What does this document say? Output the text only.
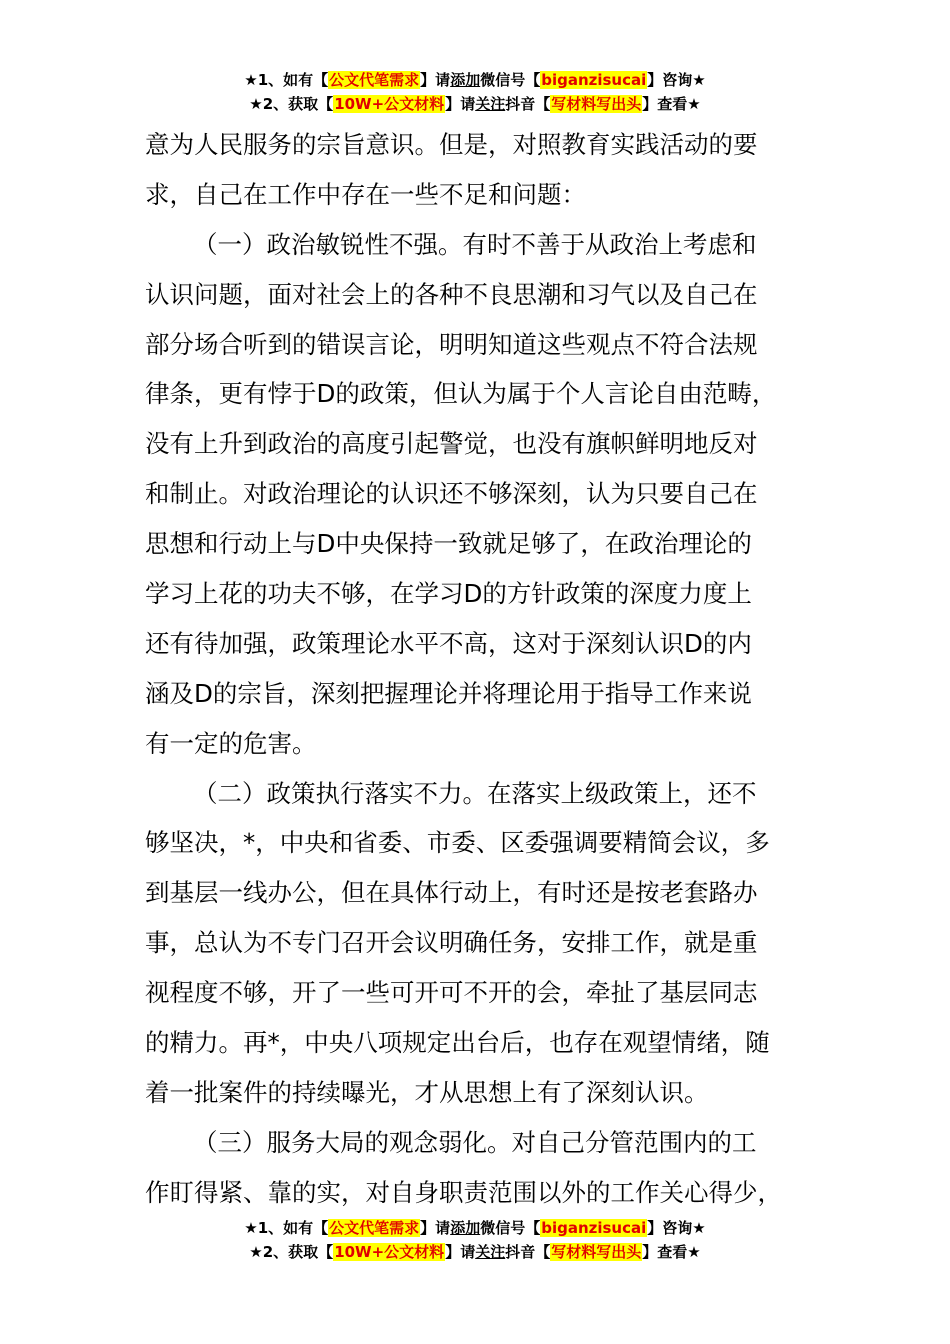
★1、如有【公文代笔需求】请添加微信号【biganzisucai】咨询★
★2、获取【10W+公文材料】请关注抖音【写材料写出头】查看★
意为人民服务的宗旨意识。但是，对照教育实践活动的要
求，自己在工作中存在一些不足和问题：
（一）政治敏锐性不强。有时不善于从政治上考虑和
认识问题，面对社会上的各种不良思潮和习气以及自己在
部分场合听到的错误言论，明明知道这些观点不符合法规
律条，更有悖于D的政策，但认为属于个人言论自由范畴，
没有上升到政治的高度引起警觉，也没有旗帜鲜明地反对
和制止。对政治理论的认识还不够深刻，认为只要自己在
思想和行动上与D中央保持一致就足够了，在政治理论的
学习上花的功夫不够，在学习D的方针政策的深度力度上
还有待加强，政策理论水平不高，这对于深刻认识D的内
涵及D的宗旨，深刻把握理论并将理论用于指导工作来说
有一定的危害。
（二）政策执行落实不力。在落实上级政策上，还不
够坚决，*，中央和省委、市委、区委强调要精简会议，多
到基层一线办公，但在具体行动上，有时还是按老套路办
事，总认为不专门召开会议明确任务，安排工作，就是重
视程度不够，开了一些可开可不开的会，牵扯了基层同志
的精力。再*，中央八项规定出台后，也存在观望情绪，随
着一批案件的持续曝光，才从思想上有了深刻认识。
（三）服务大局的观念弱化。对自己分管范围内的工
作盯得紧、靠的实，对自身职责范围以外的工作关心得少，
★1、如有【公文代笔需求】请添加微信号【biganzisucai】咨询★
★2、获取【10W+公文材料】请关注抖音【写材料写出头】查看★
